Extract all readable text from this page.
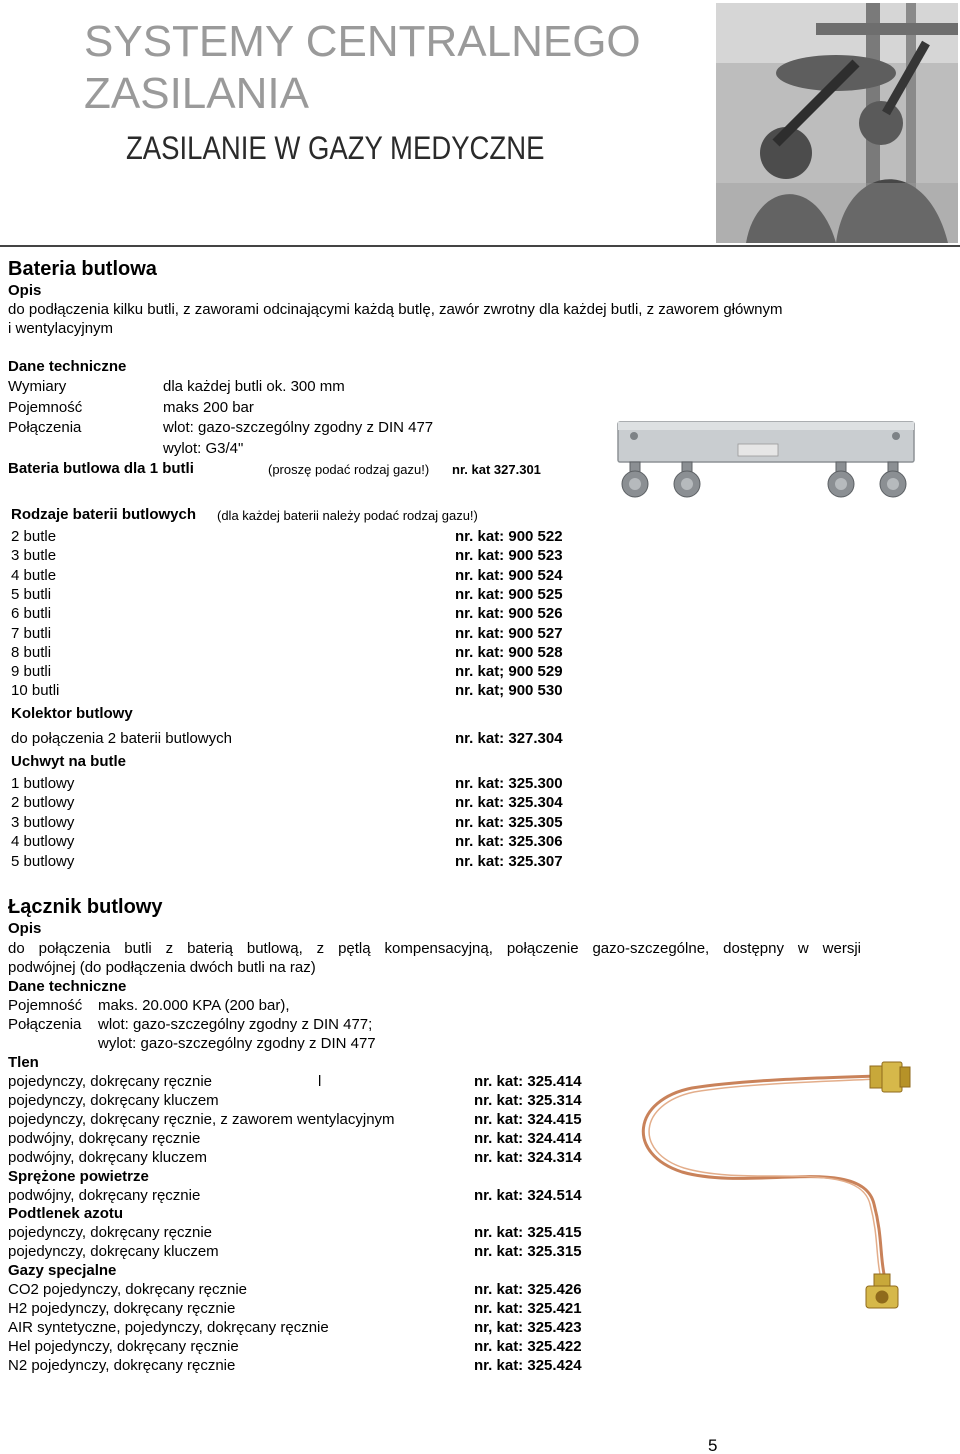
SYSTEMY CENTRALNEGO
ZASILANIA
ZASILANIE W GAZY MEDYCZNE
Bateria butlowa
Opis
do podłączenia kilku butli, z zaworami odcinającymi każdą butlę, zawór zwrotny dla każdej butli, z zaworem głównym
i wentylacyjnym
Dane techniczne
Wymiary	dla każdej butli ok. 300 mm
Pojemność	maks 200 bar
Połączenia	wlot: gazo-szczególny zgodny z DIN 477
wylot: G3/4"
Bateria butlowa dla 1 butli	(proszę podać rodzaj gazu!) nr. kat 327.301
Rodzaje baterii butlowych (dla każdej baterii należy podać rodzaj gazu!)
2 butle	nr. kat: 900 522
3 butle	nr. kat: 900 523
4 butle	nr. kat: 900 524
5 butli	nr. kat: 900 525
6 butli	nr. kat: 900 526
7 butli	nr. kat: 900 527
8 butli	nr. kat: 900 528
9 butli	nr. kat; 900 529
10 butli	nr. kat; 900 530
Kolektor butlowy
do połączenia 2 baterii butlowych	nr. kat: 327.304
Uchwyt na butle
1 butlowy	nr. kat: 325.300
2 butlowy	nr. kat: 325.304
3 butlowy	nr. kat: 325.305
4 butlowy	nr. kat: 325.306
5 butlowy	nr. kat: 325.307
Łącznik butlowy
Opis
do połączenia butli z baterią butlową, z pętlą kompensacyjną, połączenie gazo-szczególne, dostępny w wersji
podwójnej (do podłączenia dwóch butli na raz)
Dane techniczne
Pojemność maks. 20.000 KPA (200 bar),
Połączenia wlot: gazo-szczególny zgodny z DIN 477;
wylot: gazo-szczególny zgodny z DIN 477
Tlen
pojedynczy, dokręcany ręcznie	l	nr. kat: 325.414
pojedynczy, dokręcany kluczem	nr. kat: 325.314
pojedynczy, dokręcany ręcznie, z zaworem wentylacyjnym	nr. kat: 324.415
podwójny, dokręcany ręcznie	nr. kat: 324.414
podwójny, dokręcany kluczem	nr. kat: 324.314
Sprężone powietrze
podwójny, dokręcany ręcznie	nr. kat: 324.514
Podtlenek azotu
pojedynczy, dokręcany ręcznie	nr. kat: 325.415
pojedynczy, dokręcany kluczem	nr. kat: 325.315
Gazy specjalne
CO2 pojedynczy, dokręcany ręcznie	nr. kat: 325.426
H2 pojedynczy, dokręcany ręcznie	nr. kat: 325.421
AIR syntetyczne, pojedynczy, dokręcany ręcznie	nr, kat: 325.423
Hel pojedynczy, dokręcany ręcznie	nr. kat: 325.422
N2 pojedynczy, dokręcany ręcznie	nr. kat: 325.424
5
